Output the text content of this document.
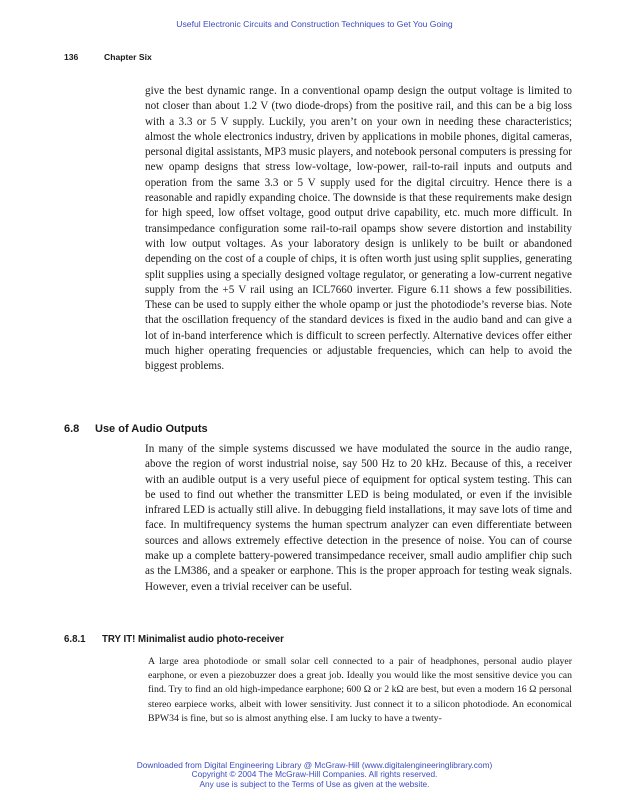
Useful Electronic Circuits and Construction Techniques to Get You Going
136	Chapter Six

give the best dynamic range. In a conventional opamp design the output voltage is limited to not closer than about 1.2 V (two diode-drops) from the positive rail, and this can be a big loss with a 3.3 or 5 V supply. Luckily, you aren’t on your own in needing these characteristics; almost the whole electronics industry, driven by applications in mobile phones, digital cameras, personal digital assistants, MP3 music players, and notebook personal computers is pressing for new opamp designs that stress low-voltage, low-power, rail-to-rail inputs and outputs and operation from the same 3.3 or 5 V supply used for the digital circuitry. Hence there is a reasonable and rapidly expanding choice. The downside is that these requirements make design for high speed, low offset voltage, good output drive capability, etc. much more difficult. In transimpedance configuration some rail-to-rail opamps show severe distortion and instability with low output voltages. As your laboratory design is unlikely to be built or abandoned depending on the cost of a couple of chips, it is often worth just using split supplies, generating split supplies using a specially designed voltage regulator, or generating a low-current negative supply from the +5 V rail using an ICL7660 inverter. Figure 6.11 shows a few possibilities. These can be used to supply either the whole opamp or just the photodiode’s reverse bias. Note that the oscillation frequency of the standard devices is fixed in the audio band and can give a lot of in-band interference which is difficult to screen perfectly. Alternative devices offer either much higher operating frequencies or adjustable frequencies, which can help to avoid the biggest problems.

6.8 Use of Audio Outputs

In many of the simple systems discussed we have modulated the source in the audio range, above the region of worst industrial noise, say 500 Hz to 20 kHz. Because of this, a receiver with an audible output is a very useful piece of equipment for optical system testing. This can be used to find out whether the transmitter LED is being modulated, or even if the invisible infrared LED is actually still alive. In debugging field installations, it may save lots of time and face. In multifrequency systems the human spectrum analyzer can even differentiate between sources and allows extremely effective detection in the presence of noise. You can of course make up a complete battery-powered transimpedance receiver, small audio amplifier chip such as the LM386, and a speaker or earphone. This is the proper approach for testing weak signals. However, even a trivial receiver can be useful.

6.8.1 TRY IT! Minimalist audio photo-receiver

A large area photodiode or small solar cell connected to a pair of headphones, personal audio player earphone, or even a piezobuzzer does a great job. Ideally you would like the most sensitive device you can find. Try to find an old high-impedance earphone; 600 Ω or 2 kΩ are best, but even a modern 16 Ω personal stereo earpiece works, albeit with lower sensitivity. Just connect it to a silicon photodiode. An economical BPW34 is fine, but so is almost anything else. I am lucky to have a twenty-

Downloaded from Digital Engineering Library @ McGraw-Hill (www.digitalengineeringlibrary.com)
Copyright © 2004 The McGraw-Hill Companies. All rights reserved.
Any use is subject to the Terms of Use as given at the website.
